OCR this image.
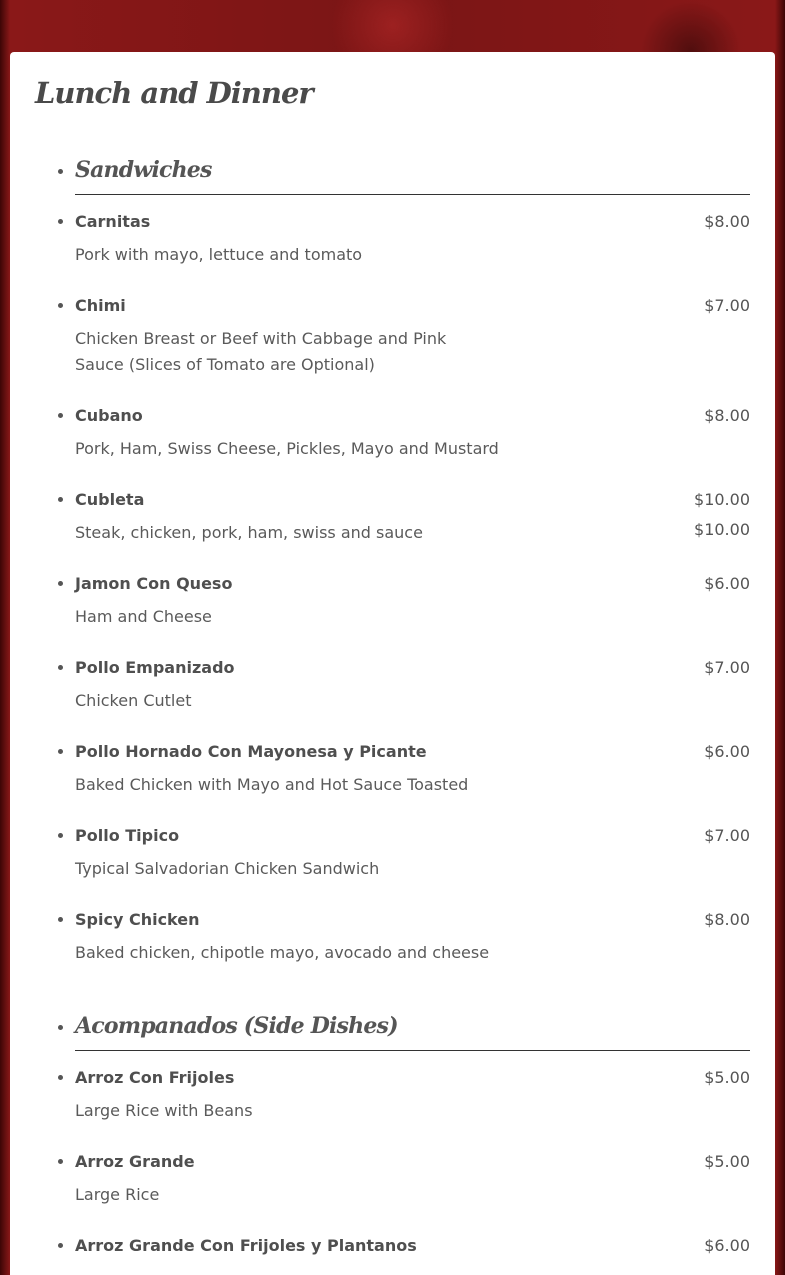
Lunch and Dinner
• Sandwiches
• Carnitas	$8.00
Pork with mayo, lettuce and tomato
• Chimi	$7.00
Chicken Breast or Beef with Cabbage and Pink Sauce (Slices of Tomato are Optional)
• Cubano	$8.00
Pork, Ham, Swiss Cheese, Pickles, Mayo and Mustard
• Cubleta	$10.00
$10.00
Steak, chicken, pork, ham, swiss and sauce
• Jamon Con Queso	$6.00
Ham and Cheese
• Pollo Empanizado	$7.00
Chicken Cutlet
• Pollo Hornado Con Mayonesa y Picante	$6.00
Baked Chicken with Mayo and Hot Sauce Toasted
• Pollo Tipico	$7.00
Typical Salvadorian Chicken Sandwich
• Spicy Chicken	$8.00
Baked chicken, chipotle mayo, avocado and cheese
• Acompanados (Side Dishes)
• Arroz Con Frijoles	$5.00
Large Rice with Beans
• Arroz Grande	$5.00
Large Rice
• Arroz Grande Con Frijoles y Plantanos	$6.00
